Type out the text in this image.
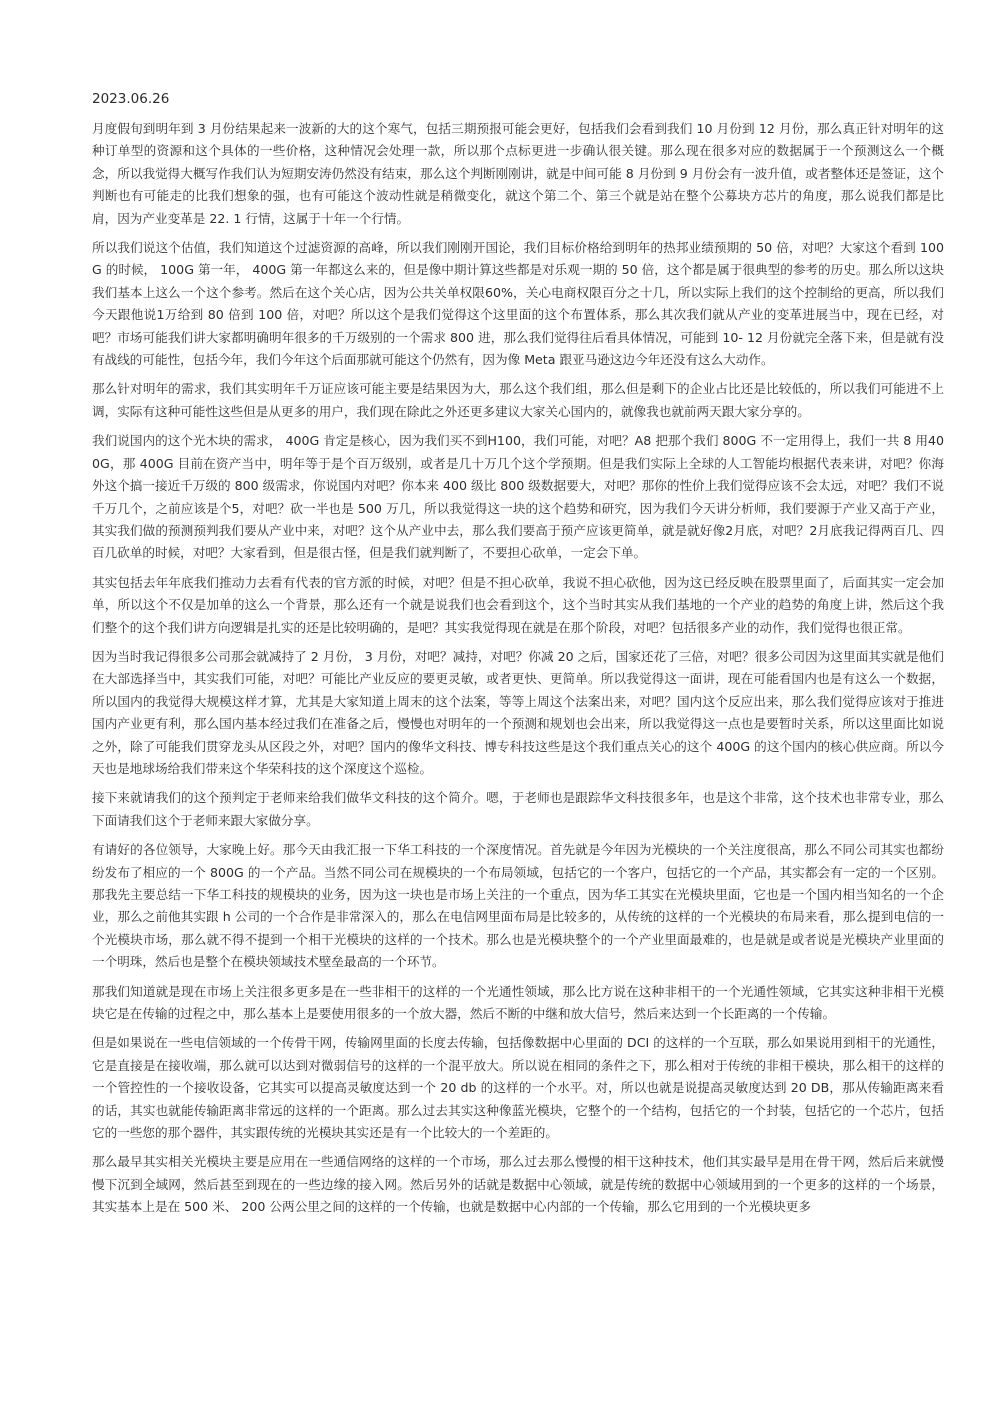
2023.06.26

月度假旬到明年到 3 月份结果起来一波新的大的这个寒气，包括三期预报可能会更好，包括我们会看到我们 10 月份到 12 月份，那么真正针对明年的这种订单型的资源和这个具体的一些价格，这种情况会处理一款，所以那个点标更进一步确认很关键。那么现在很多对应的数据属于一个预测这么一个概念，所以我觉得大概写作我们认为短期安涛仍然没有结束，那么这个判断刚刚讲，就是中间可能 8 月份到 9 月份会有一波升值，或者整体还是签证，这个判断也有可能走的比我们想象的强，也有可能这个波动性就是稍微变化，就这个第二个、第三个就是站在整个公募块方芯片的角度，那么说我们都是比肩，因为产业变革是 22. 1 行情，这属于十年一个行情。

所以我们说这个估值，我们知道这个过滤资源的高峰，所以我们刚刚开国论，我们目标价格给到明年的热邦业绩预期的 50 倍，对吧？大家这个看到 100G 的时候， 100G 第一年， 400G 第一年都这么来的，但是像中期计算这些都是对乐观一期的 50 倍，这个都是属于很典型的参考的历史。那么所以这块我们基本上这么一个这个参考。然后在这个关心店，因为公共关单权限60%，关心电商权限百分之十几，所以实际上我们的这个控制给的更高，所以我们今天跟他说1万给到 80 倍到 100 倍，对吧？所以这个是我们觉得这个这里面的这个布置体系，那么其次我们就从产业的变革进展当中，现在已经，对吧？市场可能我们讲大家都明确明年很多的千万级别的一个需求 800 进，那么我们觉得往后看具体情况，可能到 10- 12 月份就完全落下来，但是就有没有战线的可能性，包括今年，我们今年这个后面那就可能这个仍然有，因为像 Meta 跟亚马逊这边今年还没有这么大动作。

那么针对明年的需求，我们其实明年千万证应该可能主要是结果因为大，那么这个我们组，那么但是剩下的企业占比还是比较低的，所以我们可能进不上调，实际有这种可能性这些但是从更多的用户，我们现在除此之外还更多建议大家关心国内的，就像我也就前两天跟大家分享的。

我们说国内的这个光木块的需求， 400G 肯定是核心，因为我们买不到H100，我们可能，对吧？A8 把那个我们 800G 不一定用得上，我们一共 8 用400G，那 400G 目前在资产当中，明年等于是个百万级别，或者是几十万几个这个学预期。但是我们实际上全球的人工智能均根据代表来讲，对吧？你海外这个搞一接近千万级的 800 级需求，你说国内对吧？你本来 400 级比 800 级数据要大，对吧？那你的性价上我们觉得应该不会太远，对吧？我们不说千万几个，之前应该是个5，对吧？砍一半也是 500 万几，所以我觉得这一块的这个趋势和研究，因为我们今天讲分析师，我们要源于产业又高于产业，其实我们做的预测预判我们要从产业中来，对吧？这个从产业中去，那么我们要高于预产应该更简单，就是就好像2月底，对吧？2月底我记得两百几、四百几砍单的时候，对吧？大家看到，但是很古怪，但是我们就判断了，不要担心砍单，一定会下单。

其实包括去年年底我们推动力去看有代表的官方派的时候，对吧？但是不担心砍单，我说不担心砍他，因为这已经反映在股票里面了，后面其实一定会加单，所以这个不仅是加单的这么一个背景，那么还有一个就是说我们也会看到这个，这个当时其实从我们基地的一个产业的趋势的角度上讲，然后这个我们整个的这个我们讲方向逻辑是扎实的还是比较明确的，是吧？其实我觉得现在就是在那个阶段，对吧？包括很多产业的动作，我们觉得也很正常。

因为当时我记得很多公司那会就减持了 2 月份， 3 月份，对吧？减持，对吧？你减 20 之后，国家还花了三倍，对吧？很多公司因为这里面其实就是他们在大部选择当中，其实我们可能，对吧？可能比产业反应的要更灵敏，或者更快、更简单。所以我觉得这一面讲，现在可能看国内也是有这么一个数据，所以国内的我觉得大规模这样才算，尤其是大家知道上周末的这个法案，等等上周这个法案出来，对吧？国内这个反应出来，那么我们觉得应该对于推进国内产业更有利，那么国内基本经过我们在准备之后，慢慢也对明年的一个预测和规划也会出来，所以我觉得这一点也是要暂时关系，所以这里面比如说之外，除了可能我们贯穿龙头从区段之外，对吧？国内的像华文科技、博专科技这些是这个我们重点关心的这个 400G 的这个国内的核心供应商。所以今天也是地球场给我们带来这个华荣科技的这个深度这个巡检。

接下来就请我们的这个预判定于老师来给我们做华文科技的这个简介。嗯，于老师也是跟踪华文科技很多年，也是这个非常，这个技术也非常专业，那么下面请我们这个于老师来跟大家做分享。

有请好的各位领导，大家晚上好。那今天由我汇报一下华工科技的一个深度情况。首先就是今年因为光模块的一个关注度很高，那么不同公司其实也都纷纷发布了相应的一个 800G 的一个产品。当然不同公司在规模块的一个布局领域，包括它的一个客户，包括它的一个产品，其实都会有一定的一个区别。那我先主要总结一下华工科技的规模块的业务，因为这一块也是市场上关注的一个重点，因为华工其实在光模块里面，它也是一个国内相当知名的一个企业，那么之前他其实跟 h 公司的一个合作是非常深入的，那么在电信网里面布局是比较多的，从传统的这样的一个光模块的布局来看，那么提到电信的一个光模块市场，那么就不得不提到一个相干光模块的这样的一个技术。那么也是光模块整个的一个产业里面最难的，也是就是或者说是光模块产业里面的一个明珠，然后也是整个在模块领域技术壁垒最高的一个环节。

那我们知道就是现在市场上关注很多更多是在一些非相干的这样的一个光通性领域，那么比方说在这种非相干的一个光通性领域，它其实这种非相干光模块它是在传输的过程之中，那么基本上是要使用很多的一个放大器，然后不断的中继和放大信号，然后来达到一个长距离的一个传输。

但是如果说在一些电信领域的一个传骨干网，传输网里面的长度去传输，包括像数据中心里面的 DCI 的这样的一个互联，那么如果说用到相干的光通性，它是直接是在接收端，那么就可以达到对微弱信号的这样的一个混平放大。所以说在相同的条件之下，那么相对于传统的非相干模块，那么相干的这样的一个管控性的一个接收设备，它其实可以提高灵敏度达到一个 20 db 的这样的一个水平。对，所以也就是说提高灵敏度达到 20 DB，那从传输距离来看的话，其实也就能传输距离非常远的这样的一个距离。那么过去其实这种像蓝光模块，它整个的一个结构，包括它的一个封装，包括它的一个芯片，包括它的一些您的那个器件，其实跟传统的光模块其实还是有一个比较大的一个差距的。

那么最早其实相关光模块主要是应用在一些通信网络的这样的一个市场，那么过去那么慢慢的相干这种技术，他们其实最早是用在骨干网，然后后来就慢慢下沉到全域网，然后甚至到现在的一些边缘的接入网。然后另外的话就是数据中心领域，就是传统的数据中心领域用到的一个更多的这样的一个场景，其实基本上是在 500 米、 200 公两公里之间的这样的一个传输，也就是数据中心内部的一个传输，那么它用到的一个光模块更多
